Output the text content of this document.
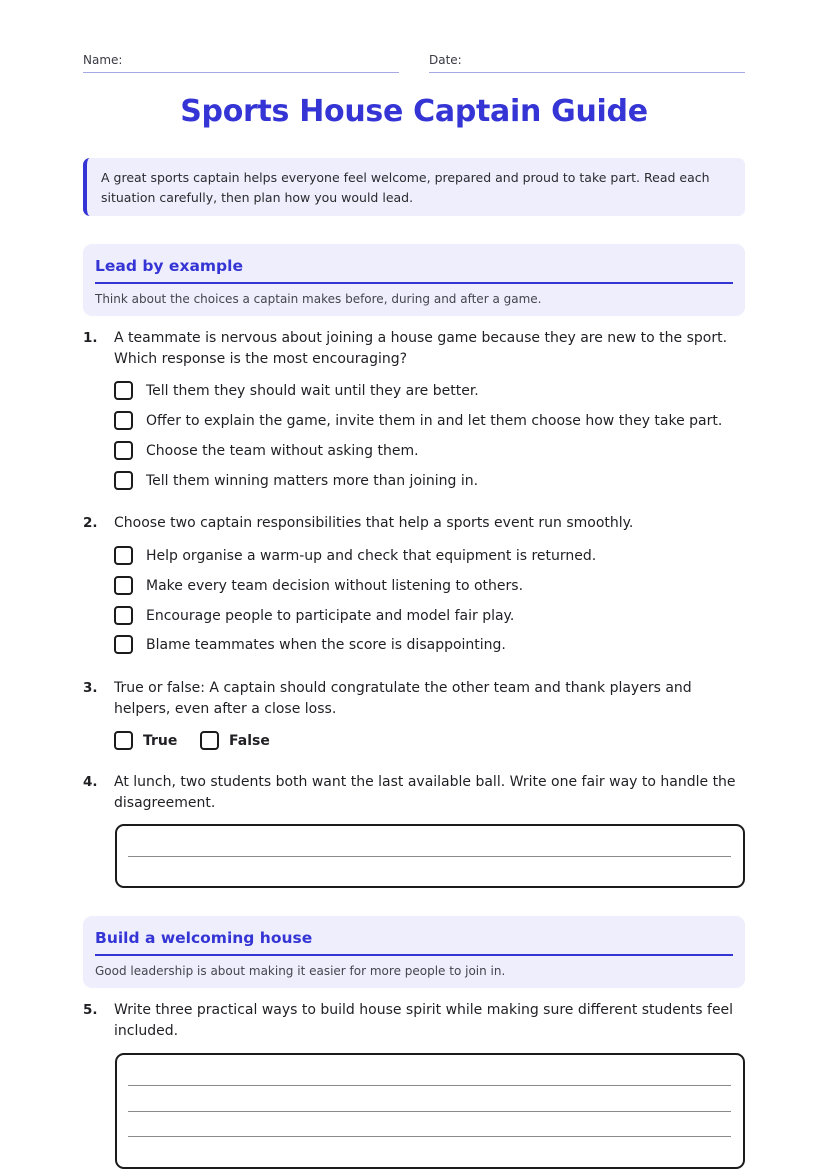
Name:	Date:
Sports House Captain Guide
A great sports captain helps everyone feel welcome, prepared and proud to take part. Read each situation carefully, then plan how you would lead.
Lead by example
Think about the choices a captain makes before, during and after a game.
1. A teammate is nervous about joining a house game because they are new to the sport. Which response is the most encouraging?
Tell them they should wait until they are better.
Offer to explain the game, invite them in and let them choose how they take part.
Choose the team without asking them.
Tell them winning matters more than joining in.
2. Choose two captain responsibilities that help a sports event run smoothly.
Help organise a warm-up and check that equipment is returned.
Make every team decision without listening to others.
Encourage people to participate and model fair play.
Blame teammates when the score is disappointing.
3. True or false: A captain should congratulate the other team and thank players and helpers, even after a close loss.
True	False
4. At lunch, two students both want the last available ball. Write one fair way to handle the disagreement.
Build a welcoming house
Good leadership is about making it easier for more people to join in.
5. Write three practical ways to build house spirit while making sure different students feel included.
